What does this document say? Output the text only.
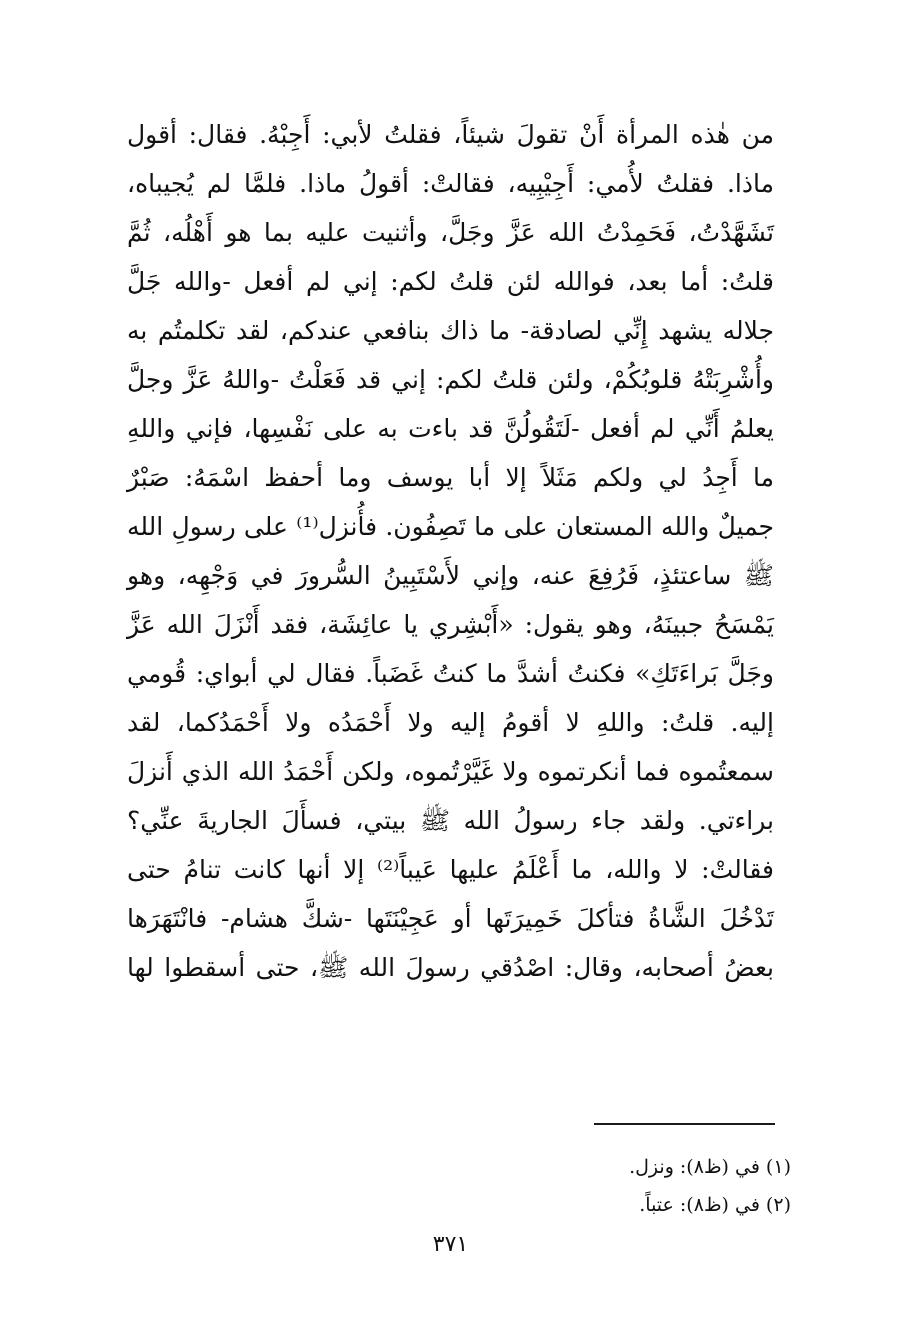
من هٰذه المرأة أَنْ تقولَ شيئاً، فقلتُ لأبي: أَجِبْهُ. فقال: أقول
ماذا. فقلتُ لأُمي: أَجِيْبِيه، فقالتْ: أقولُ ماذا. فلمَّا لم يُجيباه،
تَشَهَّدْتُ، فَحَمِدْتُ الله عَزَّ وجَلَّ، وأثنيت عليه بما هو أَهْلُه، ثُمَّ
قلتُ: أما بعد، فوالله لئن قلتُ لكم: إني لم أفعل -والله جَلَّ
جلاله يشهد إِنِّي لصادقة- ما ذاك بنافعي عندكم، لقد تكلمتُم به
وأُشْرِبَتْهُ قلوبُكُمْ، ولئن قلتُ لكم: إني قد فَعَلْتُ -واللهُ عَزَّ وجلَّ
يعلمُ أَنِّي لم أفعل -لَتَقُولُنَّ قد باءت به على نَفْسِها، فإني واللهِ
ما أَجِدُ لي ولكم مَثَلاً إلا أبا يوسف وما أحفظ اسْمَهُ: صَبْرٌ
جميلٌ والله المستعان على ما تَصِفُون. فأُنزل⁽¹⁾ على رسولِ الله
ﷺ ساعتئذٍ، فَرُفِعَ عنه، وإني لأَسْتَبِينُ السُّرورَ في وَجْهِه، وهو
يَمْسَحُ جبينَهُ، وهو يقول: «أَبْشِري يا عائِشَة، فقد أَنْزَلَ الله عَزَّ
وجَلَّ بَراءَتَكِ» فكنتُ أشدَّ ما كنتُ غَضَباً. فقال لي أبواي: قُومي
إليه. قلتُ: واللهِ لا أقومُ إليه ولا أَحْمَدُه ولا أَحْمَدُكما، لقد
سمعتُموه فما أنكرتموه ولا غَيَّرْتُموه، ولكن أَحْمَدُ الله الذي أَنزلَ
براءتي. ولقد جاء رسولُ الله ﷺ بيتي، فسأَلَ الجاريةَ عنِّي؟
فقالتْ: لا والله، ما أَعْلَمُ عليها عَيباً⁽²⁾ إلا أنها كانت تنامُ حتى
تَدْخُلَ الشَّاةُ فتأكلَ خَمِيرَتَها أو عَجِيْنَتَها -شكَّ هشام- فانْتَهَرَها
بعضُ أصحابه، وقال: اصْدُقي رسولَ الله ﷺ، حتى أسقطوا لها
(١) في (ظ٨): ونزل.
(٢) في (ظ٨): عتباً.
٣٧١
